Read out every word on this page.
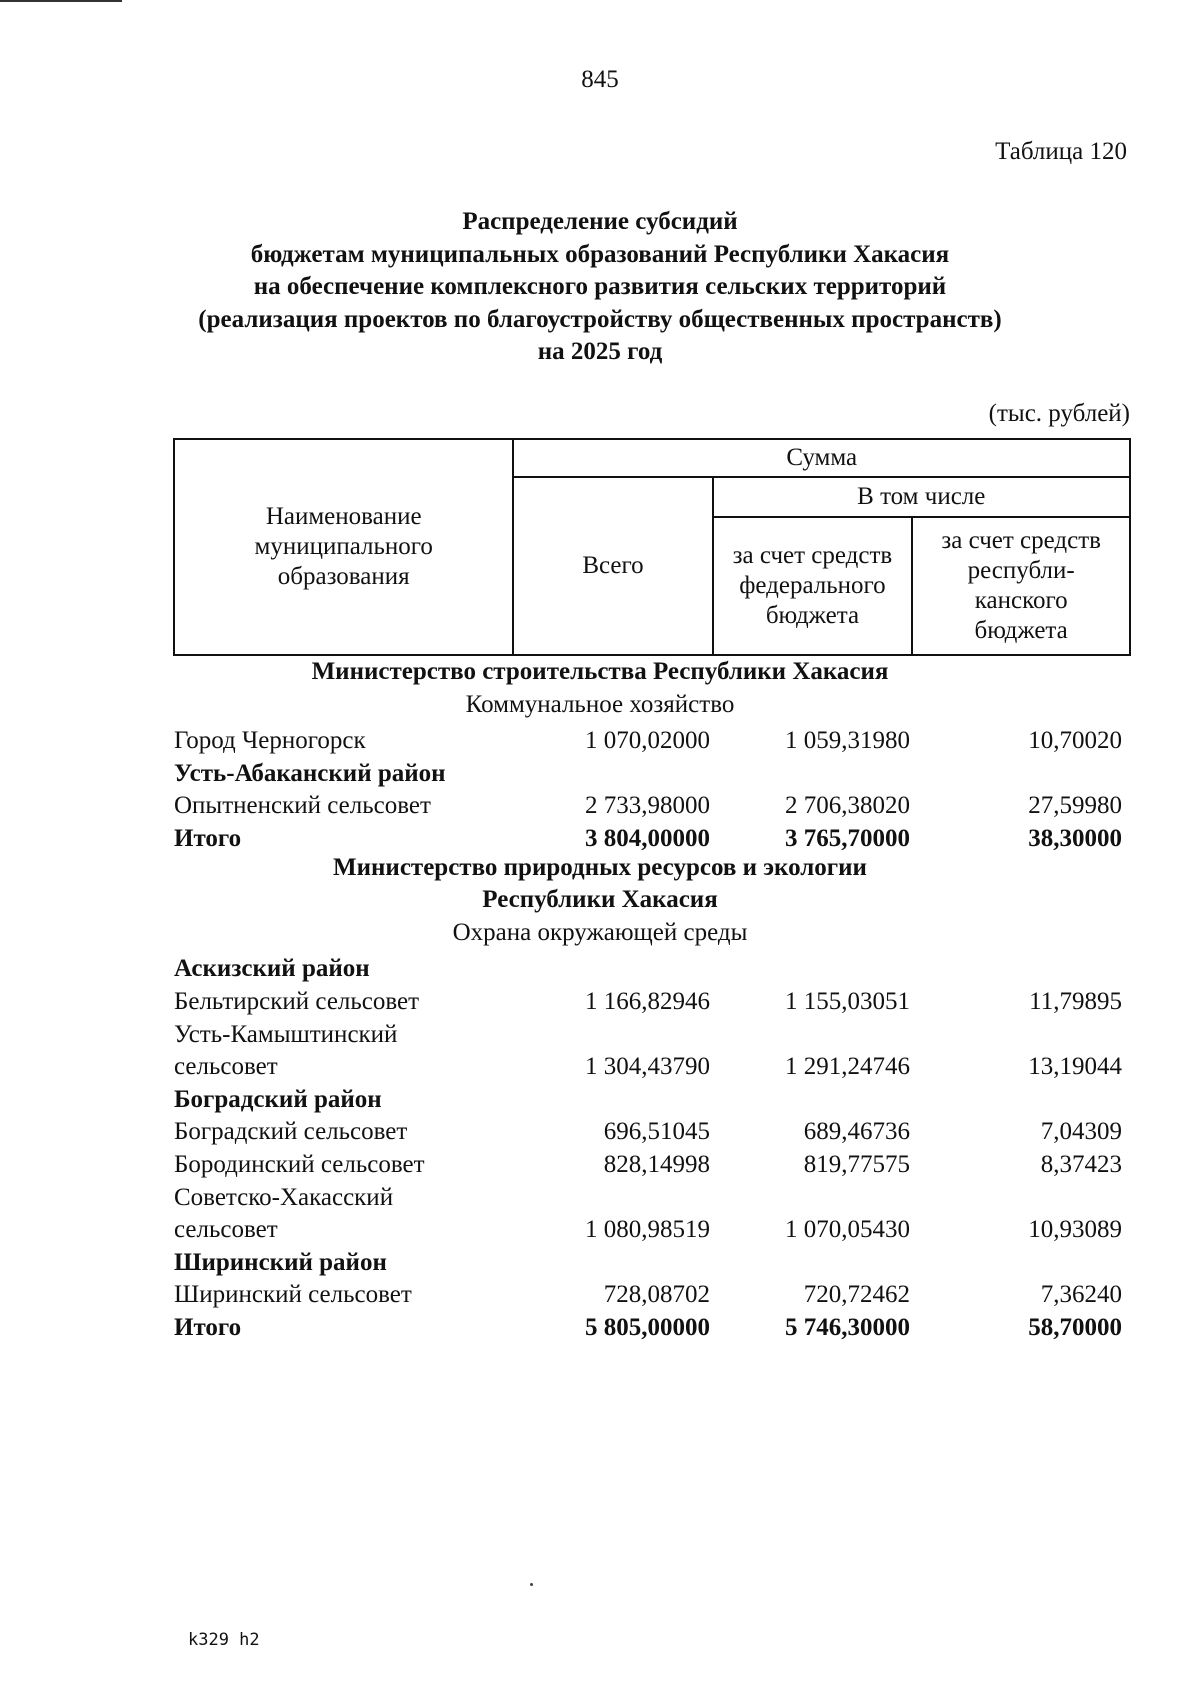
845
Таблица 120
Распределение субсидий
бюджетам муниципальных образований Республики Хакасия
на обеспечение комплексного развития сельских территорий
(реализация проектов по благоустройству общественных пространств)
на 2025 год
(тыс. рублей)
Наименование муниципального образования	Сумма		
	Всего	В том числе	
		за счет средств федерального бюджета	за счет средств республи-канского бюджета
Министерство строительства Республики Хакасия
Коммунальное хозяйство
Город Черногорск	1 070,02000	1 059,31980	10,70020
Усть-Абаканский район
Опытненский сельсовет	2 733,98000	2 706,38020	27,59980
Итого	3 804,00000	3 765,70000	38,30000
Министерство природных ресурсов и экологии
Республики Хакасия
Охрана окружающей среды
Аскизский район
Бельтирский сельсовет	1 166,82946	1 155,03051	11,79895
Усть-Камыштинский
сельсовет	1 304,43790	1 291,24746	13,19044
Боградский район
Боградский сельсовет	696,51045	689,46736	7,04309
Бородинский сельсовет	828,14998	819,77575	8,37423
Советско-Хакасский
сельсовет	1 080,98519	1 070,05430	10,93089
Ширинский район
Ширинский сельсовет	728,08702	720,72462	7,36240
Итого	5 805,00000	5 746,30000	58,70000
k329 h2
